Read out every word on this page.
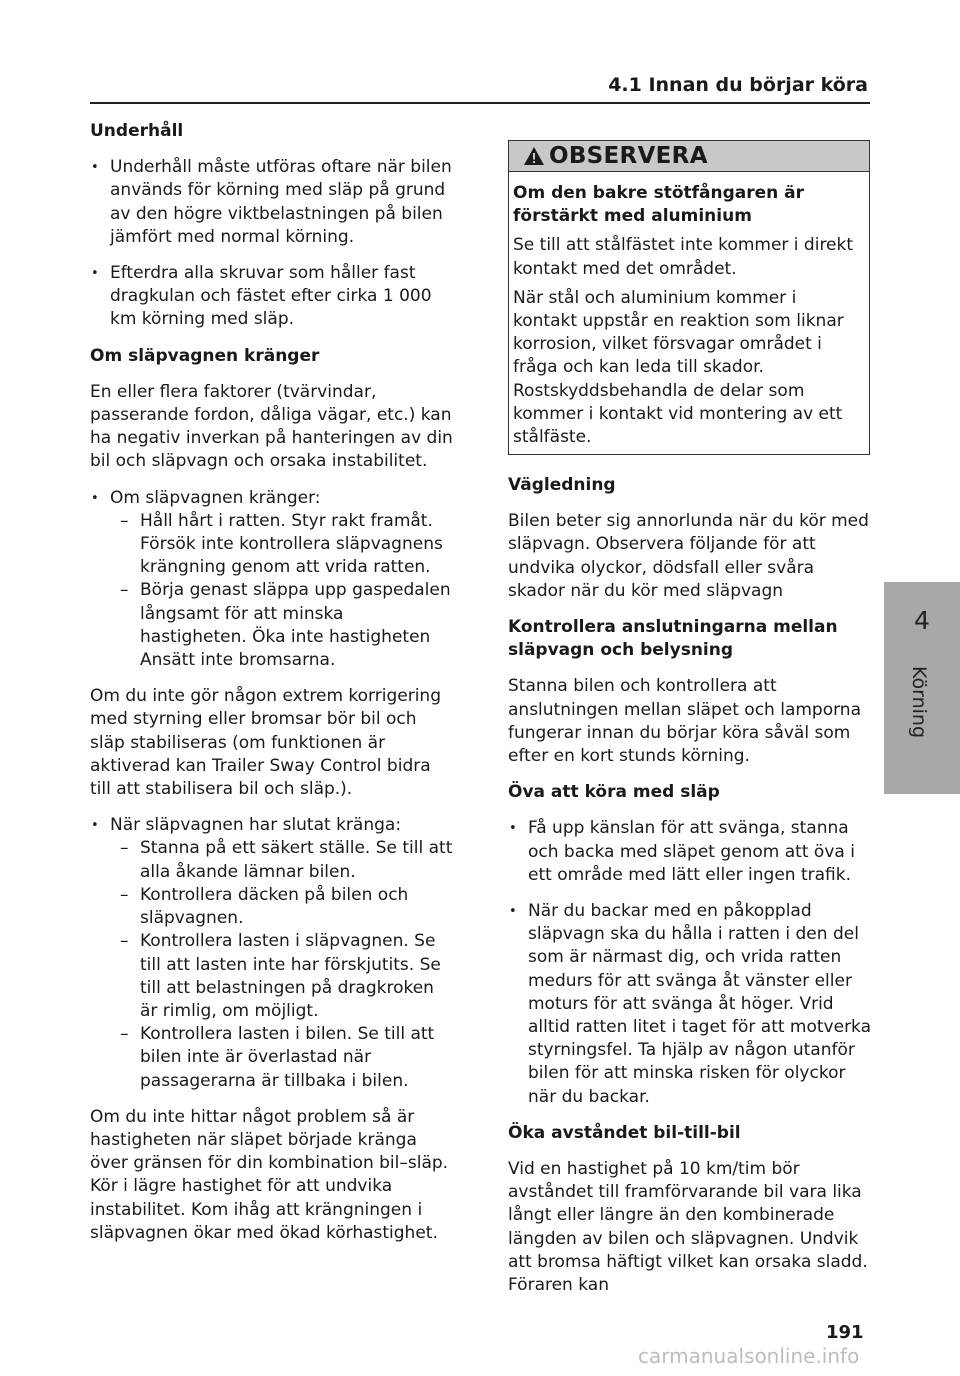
4.1 Innan du börjar köra
Underhåll
• Underhåll måste utföras oftare när bilen används för körning med släp på grund av den högre viktbelastningen på bilen jämfört med normal körning.
• Efterdra alla skruvar som håller fast dragkulan och fästet efter cirka 1 000 km körning med släp.
Om släpvagnen kränger
En eller flera faktorer (tvärvindar, passerande fordon, dåliga vägar, etc.) kan ha negativ inverkan på hanteringen av din bil och släpvagn och orsaka instabilitet.
• Om släpvagnen kränger:
– Håll hårt i ratten. Styr rakt framåt. Försök inte kontrollera släpvagnens krängning genom att vrida ratten.
– Börja genast släppa upp gaspedalen långsamt för att minska hastigheten. Öka inte hastigheten Ansätt inte bromsarna.
Om du inte gör någon extrem korrigering med styrning eller bromsar bör bil och släp stabiliseras (om funktionen är aktiverad kan Trailer Sway Control bidra till att stabilisera bil och släp.).
• När släpvagnen har slutat kränga:
– Stanna på ett säkert ställe. Se till att alla åkande lämnar bilen.
– Kontrollera däcken på bilen och släpvagnen.
– Kontrollera lasten i släpvagnen. Se till att lasten inte har förskjutits. Se till att belastningen på dragkroken är rimlig, om möjligt.
– Kontrollera lasten i bilen. Se till att bilen inte är överlastad när passagerarna är tillbaka i bilen.
Om du inte hittar något problem så är hastigheten när släpet började kränga över gränsen för din kombination bil–släp. Kör i lägre hastighet för att undvika instabilitet. Kom ihåg att krängningen i släpvagnen ökar med ökad körhastighet.
OBSERVERA
Om den bakre stötfångaren är förstärkt med aluminium
Se till att stålfästet inte kommer i direkt kontakt med det området.
När stål och aluminium kommer i kontakt uppstår en reaktion som liknar korrosion, vilket försvagar området i fråga och kan leda till skador. Rostskyddsbehandla de delar som kommer i kontakt vid montering av ett stålfäste.
Vägledning
Bilen beter sig annorlunda när du kör med släpvagn. Observera följande för att undvika olyckor, dödsfall eller svåra skador när du kör med släpvagn
Kontrollera anslutningarna mellan släpvagn och belysning
Stanna bilen och kontrollera att anslutningen mellan släpet och lamporna fungerar innan du börjar köra såväl som efter en kort stunds körning.
Öva att köra med släp
• Få upp känslan för att svänga, stanna och backa med släpet genom att öva i ett område med lätt eller ingen trafik.
• När du backar med en påkopplad släpvagn ska du hålla i ratten i den del som är närmast dig, och vrida ratten medurs för att svänga åt vänster eller moturs för att svänga åt höger. Vrid alltid ratten litet i taget för att motverka styrningsfel. Ta hjälp av någon utanför bilen för att minska risken för olyckor när du backar.
Öka avståndet bil-till-bil
Vid en hastighet på 10 km/tim bör avståndet till framförvarande bil vara lika långt eller längre än den kombinerade längden av bilen och släpvagnen. Undvik att bromsa häftigt vilket kan orsaka sladd. Föraren kan
4
Körning
191
carmanualsonline.info
